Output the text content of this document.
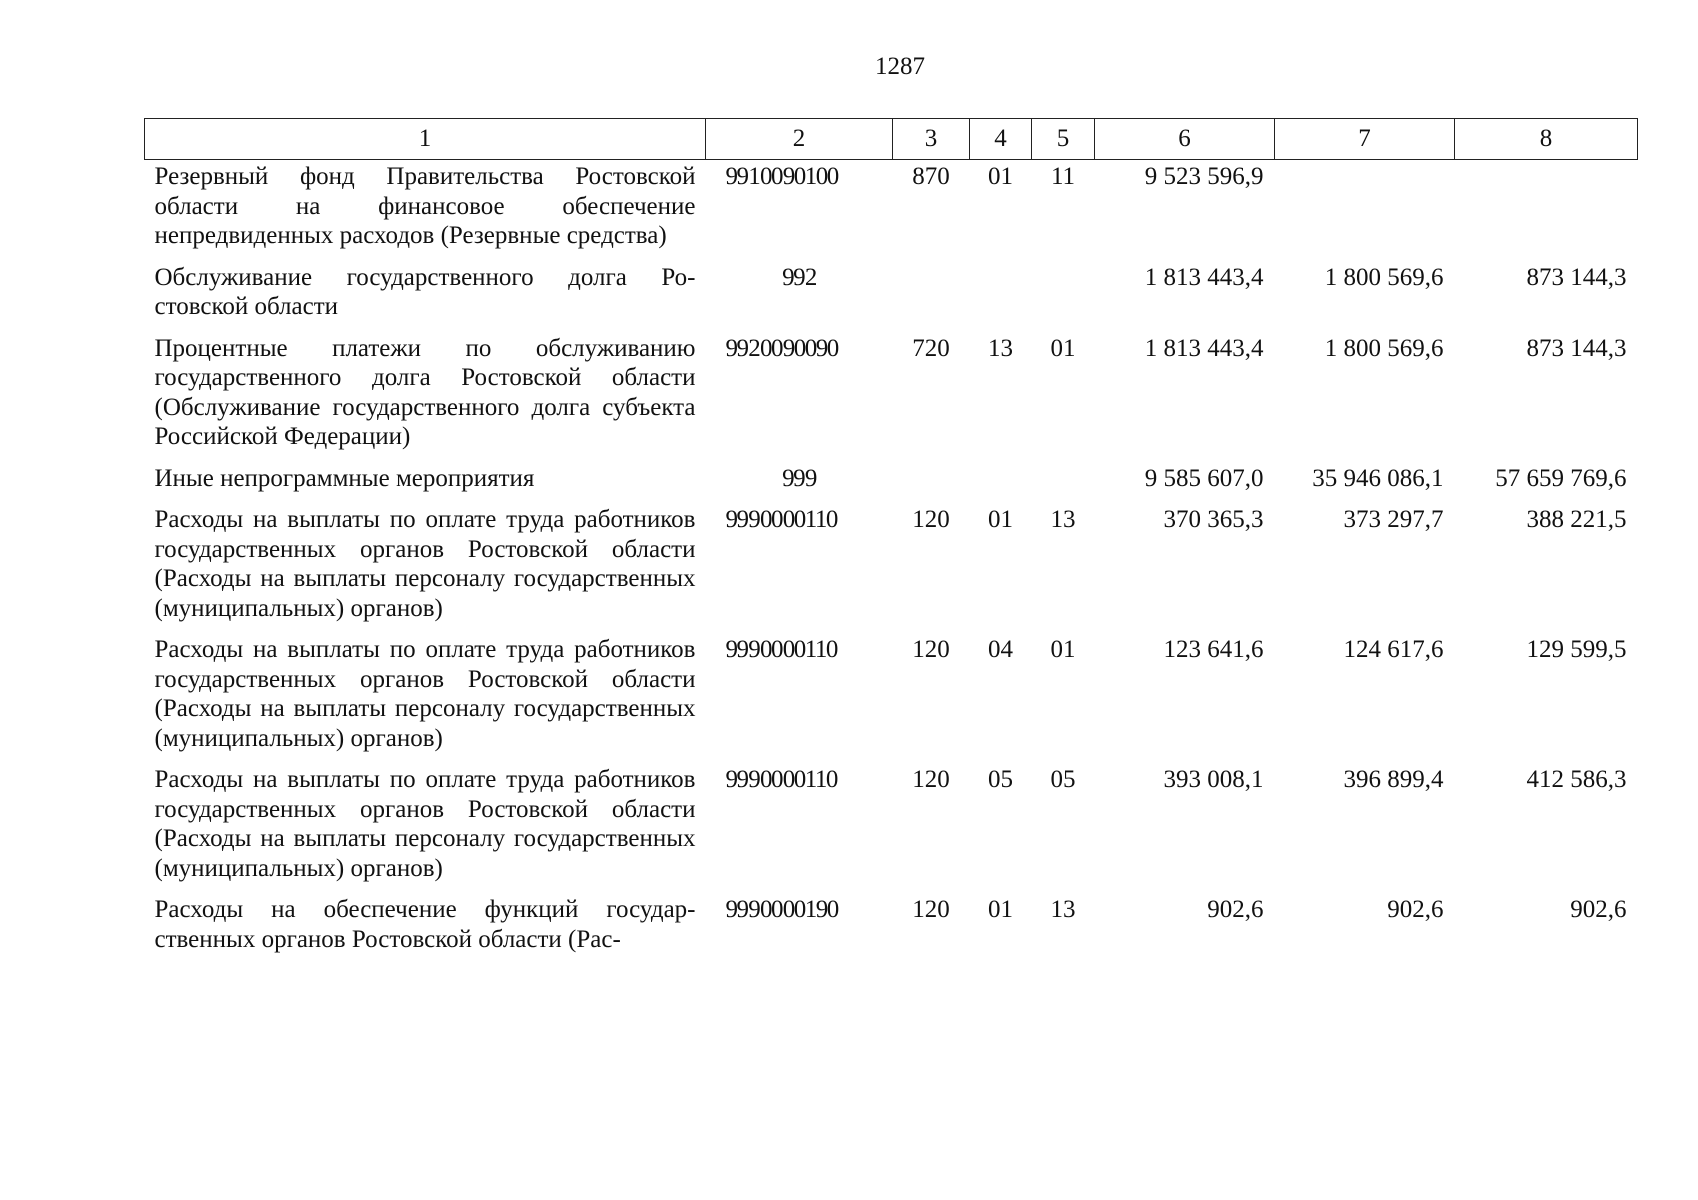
1287
1	2	3	4	5	6	7	8
Резервный фонд Правительства Ростовской области на финансовое обеспечение непредвиденных расходов (Резервные средства)	99 1 00 90100	870	01	11	9 523 596,9		
Обслуживание государственного долга Ростовской области	99 2				1 813 443,4	1 800 569,6	873 144,3
Процентные платежи по обслуживанию государственного долга Ростовской области (Обслуживание государственного долга субъекта Российской Федерации)	99 2 00 90090	720	13	01	1 813 443,4	1 800 569,6	873 144,3
Иные непрограммные мероприятия	99 9				9 585 607,0	35 946 086,1	57 659 769,6
Расходы на выплаты по оплате труда работников государственных органов Ростовской области (Расходы на выплаты персоналу государственных (муниципальных) органов)	99 9 00 00110	120	01	13	370 365,3	373 297,7	388 221,5
Расходы на выплаты по оплате труда работников государственных органов Ростовской области (Расходы на выплаты персоналу государственных (муниципальных) органов)	99 9 00 00110	120	04	01	123 641,6	124 617,6	129 599,5
Расходы на выплаты по оплате труда работников государственных органов Ростовской области (Расходы на выплаты персоналу государственных (муниципальных) органов)	99 9 00 00110	120	05	05	393 008,1	396 899,4	412 586,3
Расходы на обеспечение функций государственных органов Ростовской области (Рас-	99 9 00 00190	120	01	13	902,6	902,6	902,6
